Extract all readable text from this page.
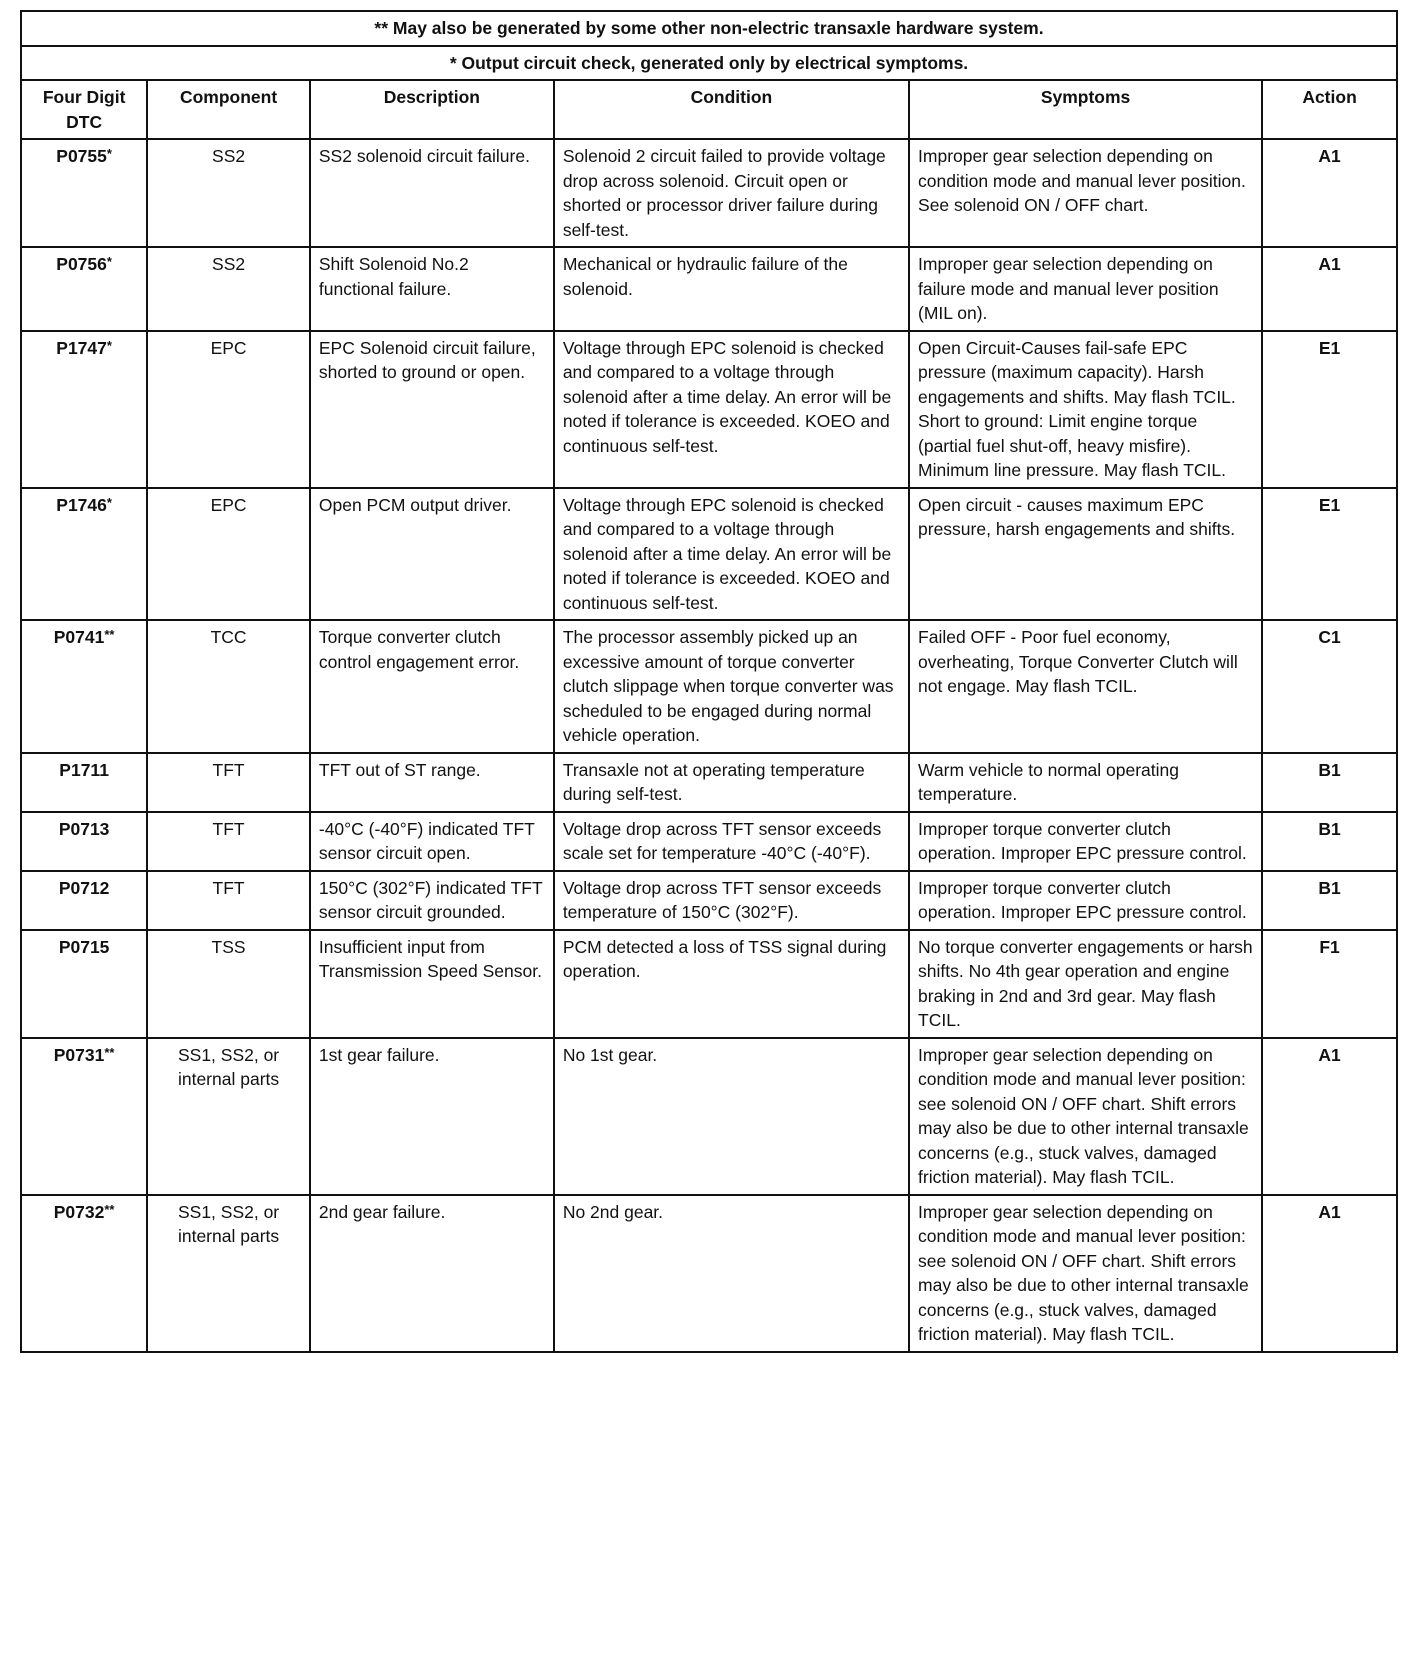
** May also be generated by some other non-electric transaxle hardware system.					
* Output circuit check, generated only by electrical symptoms.					
Four Digit DTC	Component	Description	Condition	Symptoms	Action
P0755*	SS2	SS2 solenoid circuit failure.	Solenoid 2 circuit failed to provide voltage drop across solenoid. Circuit open or shorted or processor driver failure during self-test.	Improper gear selection depending on condition mode and manual lever position. See solenoid ON / OFF chart.	A1
P0756*	SS2	Shift Solenoid No.2 functional failure.	Mechanical or hydraulic failure of the solenoid.	Improper gear selection depending on failure mode and manual lever position (MIL on).	A1
P1747*	EPC	EPC Solenoid circuit failure, shorted to ground or open.	Voltage through EPC solenoid is checked and compared to a voltage through solenoid after a time delay. An error will be noted if tolerance is exceeded. KOEO and continuous self-test.	Open Circuit-Causes fail-safe EPC pressure (maximum capacity). Harsh engagements and shifts. May flash TCIL. Short to ground: Limit engine torque (partial fuel shut-off, heavy misfire). Minimum line pressure. May flash TCIL.	E1
P1746*	EPC	Open PCM output driver.	Voltage through EPC solenoid is checked and compared to a voltage through solenoid after a time delay. An error will be noted if tolerance is exceeded. KOEO and continuous self-test.	Open circuit - causes maximum EPC pressure, harsh engagements and shifts.	E1
P0741**	TCC	Torque converter clutch control engagement error.	The processor assembly picked up an excessive amount of torque converter clutch slippage when torque converter was scheduled to be engaged during normal vehicle operation.	Failed OFF - Poor fuel economy, overheating, Torque Converter Clutch will not engage. May flash TCIL.	C1
P1711	TFT	TFT out of ST range.	Transaxle not at operating temperature during self-test.	Warm vehicle to normal operating temperature.	B1
P0713	TFT	-40°C (-40°F) indicated TFT sensor circuit open.	Voltage drop across TFT sensor exceeds scale set for temperature -40°C (-40°F).	Improper torque converter clutch operation. Improper EPC pressure control.	B1
P0712	TFT	150°C (302°F) indicated TFT sensor circuit grounded.	Voltage drop across TFT sensor exceeds temperature of 150°C (302°F).	Improper torque converter clutch operation. Improper EPC pressure control.	B1
P0715	TSS	Insufficient input from Transmission Speed Sensor.	PCM detected a loss of TSS signal during operation.	No torque converter engagements or harsh shifts. No 4th gear operation and engine braking in 2nd and 3rd gear. May flash TCIL.	F1
P0731**	SS1, SS2, or internal parts	1st gear failure.	No 1st gear.	Improper gear selection depending on condition mode and manual lever position: see solenoid ON / OFF chart. Shift errors may also be due to other internal transaxle concerns (e.g., stuck valves, damaged friction material). May flash TCIL.	A1
P0732**	SS1, SS2, or internal parts	2nd gear failure.	No 2nd gear.	Improper gear selection depending on condition mode and manual lever position: see solenoid ON / OFF chart. Shift errors may also be due to other internal transaxle concerns (e.g., stuck valves, damaged friction material). May flash TCIL.	A1
